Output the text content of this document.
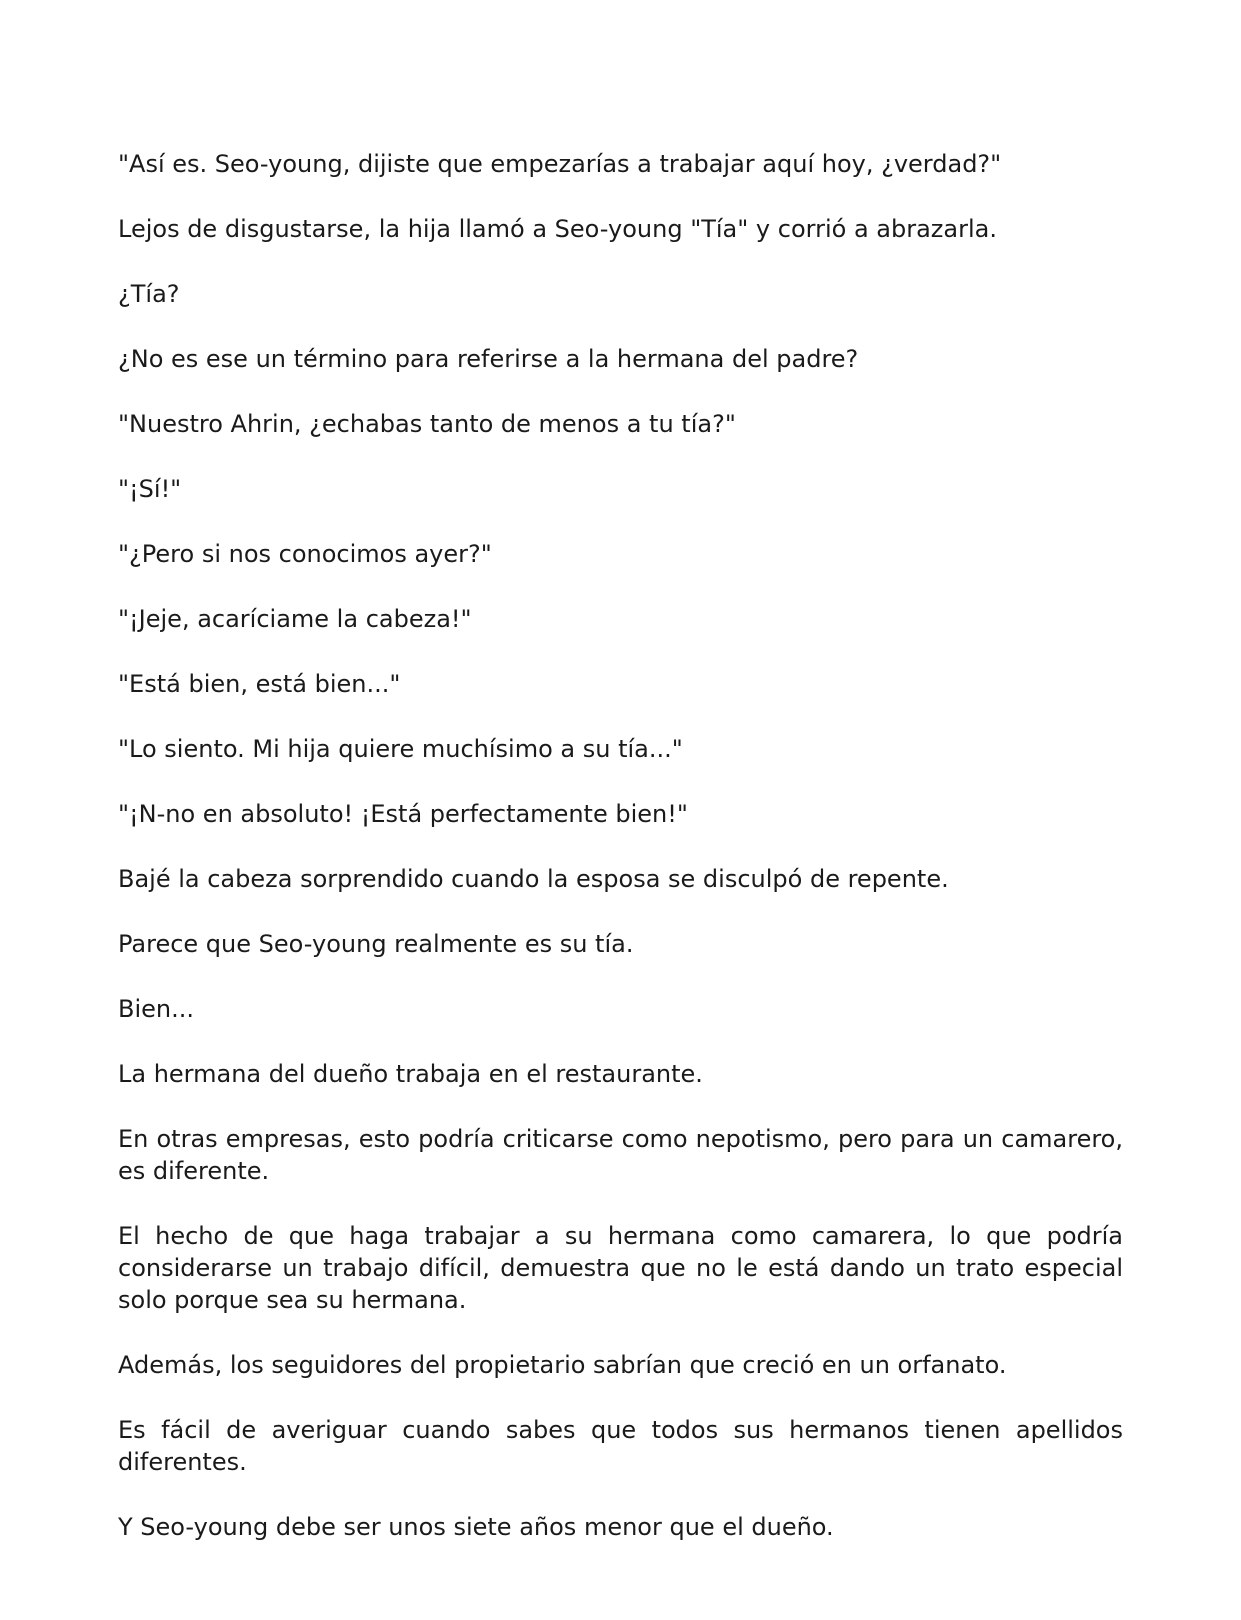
"Así es. Seo-young, dijiste que empezarías a trabajar aquí hoy, ¿verdad?"

Lejos de disgustarse, la hija llamó a Seo-young "Tía" y corrió a abrazarla.

¿Tía?

¿No es ese un término para referirse a la hermana del padre?

"Nuestro Ahrin, ¿echabas tanto de menos a tu tía?"

"¡Sí!"

"¿Pero si nos conocimos ayer?"

"¡Jeje, acaríciame la cabeza!"

"Está bien, está bien..."

"Lo siento. Mi hija quiere muchísimo a su tía..."

"¡N-no en absoluto! ¡Está perfectamente bien!"

Bajé la cabeza sorprendido cuando la esposa se disculpó de repente.

Parece que Seo-young realmente es su tía.

Bien...

La hermana del dueño trabaja en el restaurante.

En otras empresas, esto podría criticarse como nepotismo, pero para un camarero, es diferente.

El hecho de que haga trabajar a su hermana como camarera, lo que podría considerarse un trabajo difícil, demuestra que no le está dando un trato especial solo porque sea su hermana.

Además, los seguidores del propietario sabrían que creció en un orfanato.

Es fácil de averiguar cuando sabes que todos sus hermanos tienen apellidos diferentes.

Y Seo-young debe ser unos siete años menor que el dueño.
